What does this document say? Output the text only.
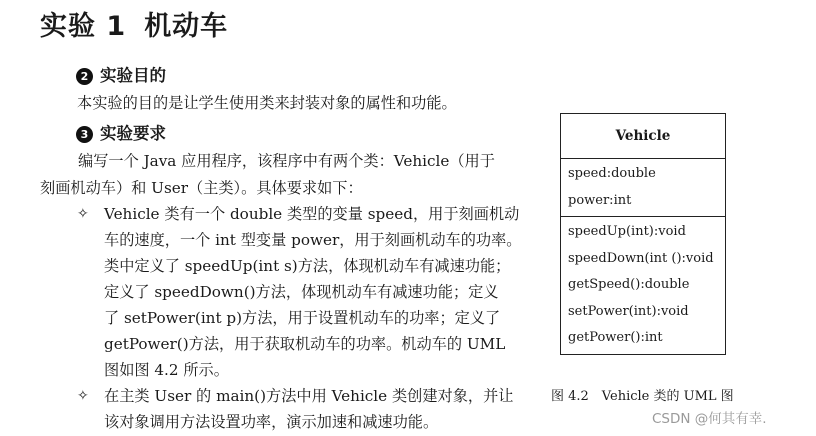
实验 1 机动车
2 实验目的
本实验的目的是让学生使用类来封装对象的属性和功能。
3 实验要求
编写一个 Java 应用程序，该程序中有两个类：Vehicle（用于
刻画机动车）和 User（主类）。具体要求如下：
✧ Vehicle 类有一个 double 类型的变量 speed，用于刻画机动
车的速度，一个 int 型变量 power，用于刻画机动车的功率。
类中定义了 speedUp(int s)方法，体现机动车有减速功能；
定义了 speedDown()方法，体现机动车有减速功能；定义
了 setPower(int p)方法，用于设置机动车的功率；定义了
getPower()方法，用于获取机动车的功率。机动车的 UML
图如图 4.2 所示。
✧ 在主类 User 的 main()方法中用 Vehicle 类创建对象，并让
该对象调用方法设置功率，演示加速和减速功能。
Vehicle
speed:double
power:int
speedUp(int):void
speedDown(int ():void
getSpeed():double
setPower(int):void
getPower():int
图 4.2　Vehicle 类的 UML 图
CSDN @何其有幸.
